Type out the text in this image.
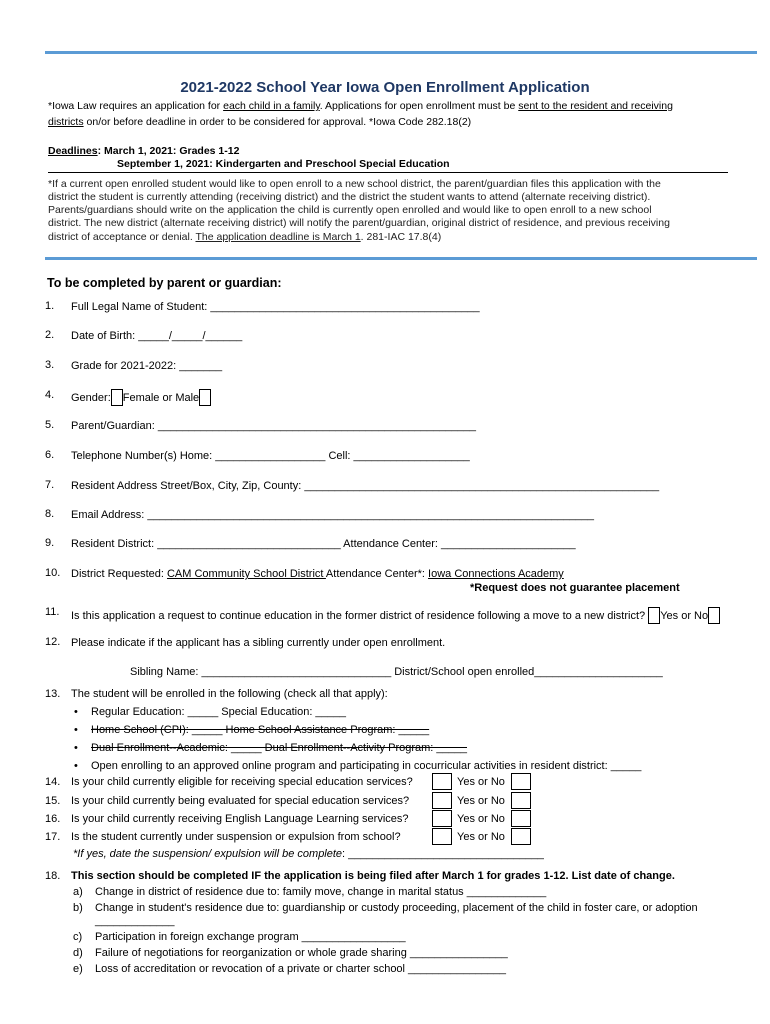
2021-2022 School Year Iowa Open Enrollment Application
*Iowa Law requires an application for each child in a family. Applications for open enrollment must be sent to the resident and receiving
districts on/or before deadline in order to be considered for approval. *Iowa Code 282.18(2)
Deadlines: March 1, 2021: Grades 1-12
September 1, 2021: Kindergarten and Preschool Special Education
*If a current open enrolled student would like to open enroll to a new school district, the parent/guardian files this application with the
district the student is currently attending (receiving district) and the district the student wants to attend (alternate receiving district).
Parents/guardians should write on the application the child is currently open enrolled and would like to open enroll to a new school
district. The new district (alternate receiving district) will notify the parent/guardian, original district of residence, and previous receiving
district of acceptance or denial. The application deadline is March 1. 281-IAC 17.8(4)
To be completed by parent or guardian:
1. Full Legal Name of Student: ____________________________________________
2. Date of Birth: _____/_____/______
3. Grade for 2021-2022: _______
4. Gender: Female or Male
5. Parent/Guardian: ____________________________________________________
6. Telephone Number(s) Home: __________________ Cell: ___________________
7. Resident Address Street/Box, City, Zip, County: __________________________________________________________
8. Email Address: _________________________________________________________________________
9. Resident District: ______________________________ Attendance Center: ______________________
10. District Requested: CAM Community School District Attendance Center*: Iowa Connections Academy
*Request does not guarantee placement
11. Is this application a request to continue education in the former district of residence following a move to a new district? Yes or No
12. Please indicate if the applicant has a sibling currently under open enrollment.
Sibling Name: _______________________________ District/School open enrolled_____________________
13. The student will be enrolled in the following (check all that apply):
• Regular Education: _____ Special Education: _____
• Home School (CPI): _____ Home School Assistance Program: _____
• Dual Enrollment--Academic: _____ Dual Enrollment--Activity Program: _____
• Open enrolling to an approved online program and participating in cocurricular activities in resident district: _____
14. Is your child currently eligible for receiving special education services?	Yes or No
15. Is your child currently being evaluated for special education services?	Yes or No
16. Is your child currently receiving English Language Learning services?	Yes or No
17. Is the student currently under suspension or expulsion from school?	Yes or No
*If yes, date the suspension/ expulsion will be complete: ________________________________
18. This section should be completed IF the application is being filed after March 1 for grades 1-12. List date of change.
a) Change in district of residence due to: family move, change in marital status _____________
b) Change in student's residence due to: guardianship or custody proceeding, placement of the child in foster care, or adoption
_____________
c) Participation in foreign exchange program _________________
d) Failure of negotiations for reorganization or whole grade sharing ________________
e) Loss of accreditation or revocation of a private or charter school ________________
